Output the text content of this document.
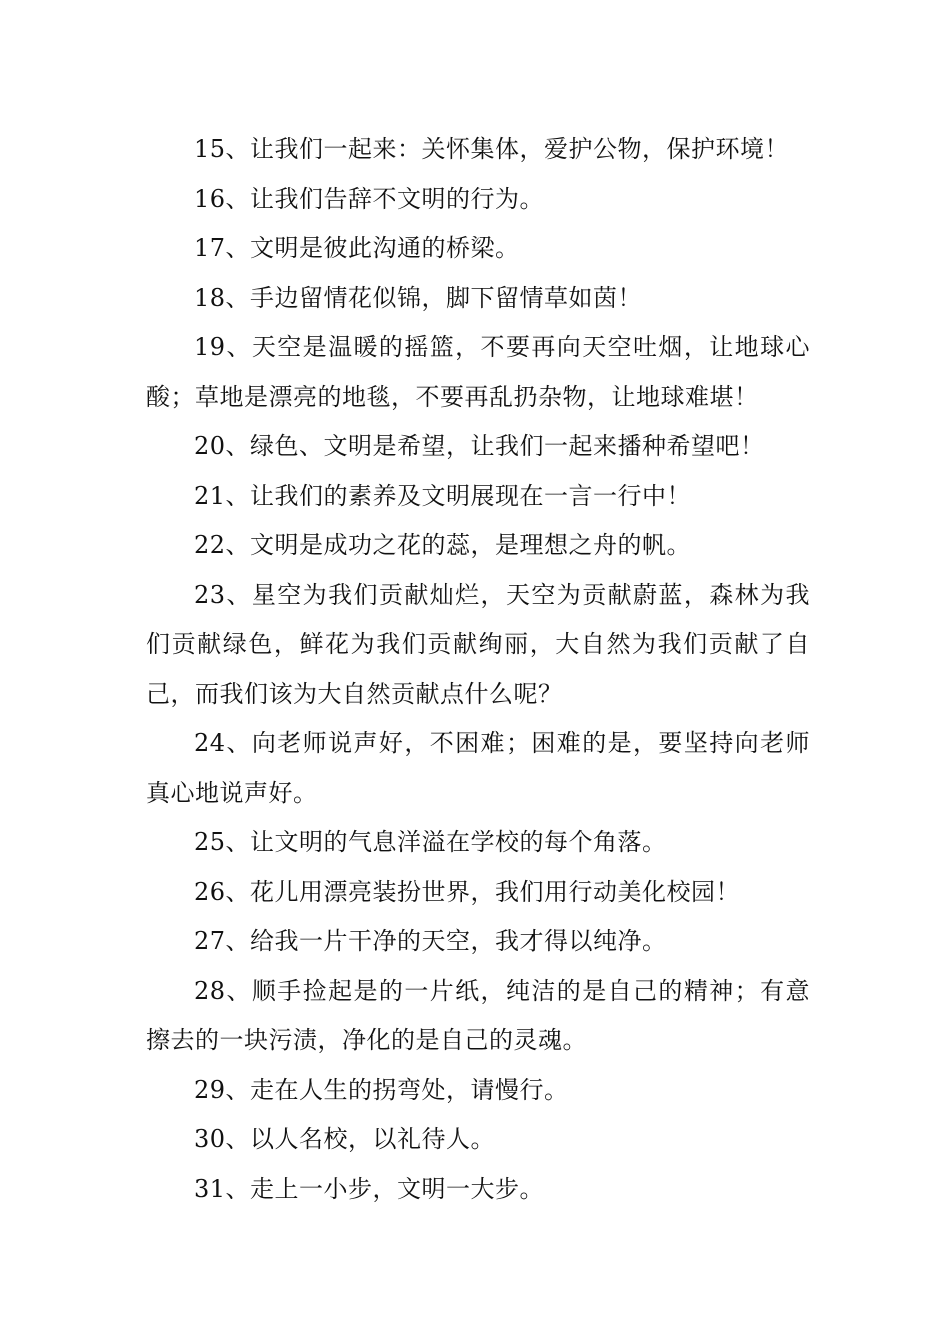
15、让我们一起来：关怀集体，爱护公物，保护环境！

16、让我们告辞不文明的行为。

17、文明是彼此沟通的桥梁。

18、手边留情花似锦，脚下留情草如茵！

19、天空是温暖的摇篮，不要再向天空吐烟，让地球心酸；草地是漂亮的地毯，不要再乱扔杂物，让地球难堪！

20、绿色、文明是希望，让我们一起来播种希望吧！

21、让我们的素养及文明展现在一言一行中！

22、文明是成功之花的蕊，是理想之舟的帆。

23、星空为我们贡献灿烂，天空为贡献蔚蓝，森林为我们贡献绿色，鲜花为我们贡献绚丽，大自然为我们贡献了自己，而我们该为大自然贡献点什么呢？

24、向老师说声好，不困难；困难的是，要坚持向老师真心地说声好。

25、让文明的气息洋溢在学校的每个角落。

26、花儿用漂亮装扮世界，我们用行动美化校园！

27、给我一片干净的天空，我才得以纯净。

28、顺手捡起是的一片纸，纯洁的是自己的精神；有意擦去的一块污渍，净化的是自己的灵魂。

29、走在人生的拐弯处，请慢行。

30、以人名校，以礼待人。

31、走上一小步，文明一大步。
